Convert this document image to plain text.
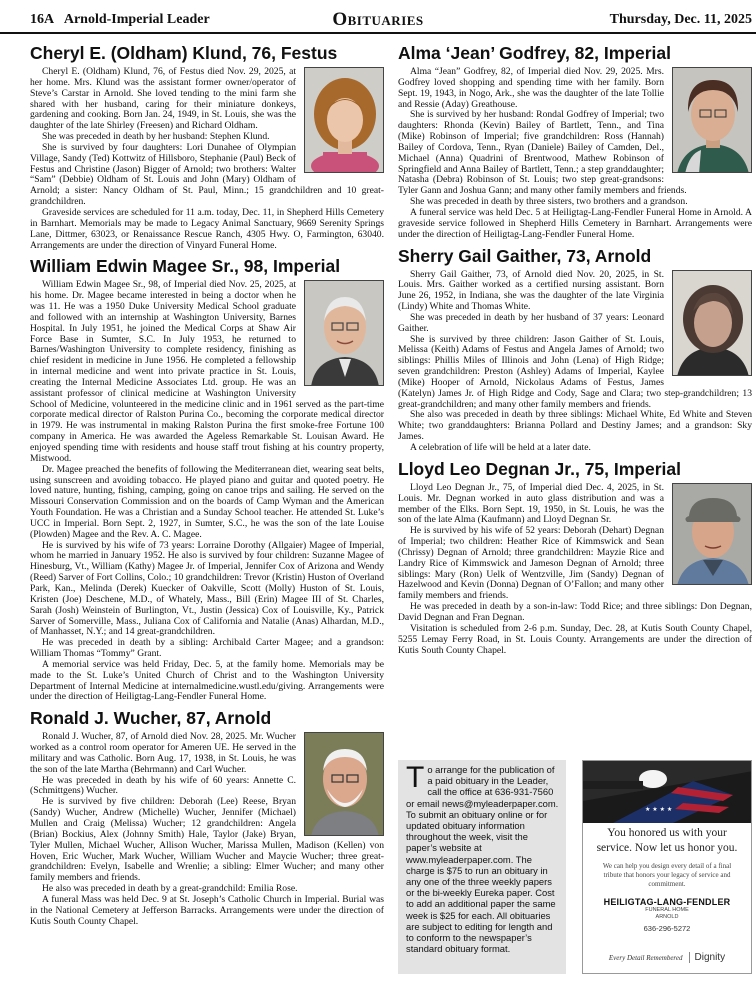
16A Arnold-Imperial Leader	Obituaries	Thursday, Dec. 11, 2025
Cheryl E. (Oldham) Klund, 76, Festus

Cheryl E. (Oldham) Klund, 76, of Festus died Nov. 29, 2025, at her home. Mrs. Klund was the assistant former owner/operator of Steve’s Carstar in Arnold. She loved tending to the mini farm she shared with her husband, caring for their miniature donkeys, gardening and cooking. Born Jan. 24, 1949, in St. Louis, she was the daughter of the late Shirley (Freesen) and Richard Oldham.

She was preceded in death by her husband: Stephen Klund.

She is survived by four daughters: Lori Dunahee of Olympian Village, Sandy (Ted) Kottwitz of Hillsboro, Stephanie (Paul) Beck of Festus and Christine (Jason) Bigger of Arnold; two brothers: Walter “Sam” (Debbie) Oldham of St. Louis and John (Mary) Oldham of Arnold; a sister: Nancy Oldham of St. Paul, Minn.; 15 grandchildren and 10 great-grandchildren.

Graveside services are scheduled for 11 a.m. today, Dec. 11, in Shepherd Hills Cemetery in Barnhart. Memorials may be made to Legacy Animal Sanctuary, 9669 Serenity Springs Lane, Dittmer, 63023, or Renaissance Rescue Ranch, 4305 Hwy. O, Farmington, 63040. Arrangements are under the direction of Vinyard Funeral Home.

William Edwin Magee Sr., 98, Imperial

William Edwin Magee Sr., 98, of Imperial died Nov. 25, 2025, at his home. Dr. Magee became interested in being a doctor when he was 11. He was a 1950 Duke University Medical School graduate and followed with an internship at Washington University, Barnes Hospital. In July 1951, he joined the Medical Corps at Shaw Air Force Base in Sumter, S.C. In July 1953, he returned to Barnes/Washington University to complete residency, finishing as chief resident in medicine in June 1956. He completed a fellowship in internal medicine and went into private practice in St. Louis, creating the Internal Medicine Associates Ltd. group. He was an assistant professor of clinical medicine at Washington University School of Medicine, volunteered in the medicine clinic and in 1961 served as the part-time corporate medical director of Ralston Purina Co., becoming the corporate medical director in 1979. He was instrumental in making Ralston Purina the first smoke-free Fortune 100 company in America. He was awarded the Ageless Remarkable St. Louisan Award. He enjoyed spending time with residents and house staff trout fishing at his country property, Mistwood.

Dr. Magee preached the benefits of following the Mediterranean diet, wearing seat belts, using sunscreen and avoiding tobacco. He played piano and guitar and quoted poetry. He loved nature, hunting, fishing, camping, going on canoe trips and sailing. He served on the Missouri Conservation Commission and on the boards of Camp Wyman and the American Youth Foundation. He was a Christian and a Sunday School teacher. He attended St. Luke’s UCC in Imperial. Born Sept. 2, 1927, in Sumter, S.C., he was the son of the late Louise (Plowden) Magee and the Rev. A. C. Magee.

He is survived by his wife of 73 years: Lorraine Dorothy (Allgaier) Magee of Imperial, whom he married in January 1952. He also is survived by four children: Suzanne Magee of Hinesburg, Vt., William (Kathy) Magee Jr. of Imperial, Jennifer Cox of Arizona and Wendy (Reed) Sarver of Fort Collins, Colo.; 10 grandchildren: Trevor (Kristin) Huston of Overland Park, Kan., Melinda (Derek) Kuecker of Oakville, Scott (Molly) Huston of St. Louis, Kristen (Joe) Deschene, M.D., of Whately, Mass., Bill (Erin) Magee III of St. Charles, Sarah (Josh) Weinstein of Burlington, Vt., Justin (Jessica) Cox of Louisville, Ky., Patrick Sarver of Somerville, Mass., Juliana Cox of California and Natalie (Anas) Alhardan, M.D., of Manhasset, N.Y.; and 14 great-grandchildren.

He was preceded in death by a sibling: Archibald Carter Magee; and a grandson: William Thomas “Tommy” Grant.

A memorial service was held Friday, Dec. 5, at the family home. Memorials may be made to the St. Luke’s United Church of Christ and to the Washington University Department of Internal Medicine at internalmedicine.wustl.edu/giving. Arrangements were under the direction of Heiligtag-Lang-Fendler Funeral Home.

Ronald J. Wucher, 87, Arnold

Ronald J. Wucher, 87, of Arnold died Nov. 28, 2025. Mr. Wucher worked as a control room operator for Ameren UE. He served in the military and was Catholic. Born Aug. 17, 1938, in St. Louis, he was the son of the late Martha (Behrmann) and Carl Wucher.

He was preceded in death by his wife of 60 years: Annette C. (Schmittgens) Wucher.

He is survived by five children: Deborah (Lee) Reese, Bryan (Sandy) Wucher, Andrew (Michelle) Wucher, Jennifer (Michael) Mullen and Craig (Melissa) Wucher; 12 grandchildren: Angela (Brian) Bockius, Alex (Johnny Smith) Hale, Taylor (Jake) Bryan, Tyler Mullen, Michael Wucher, Allison Wucher, Marissa Mullen, Madison (Kellen) von Hoven, Eric Wucher, Mark Wucher, William Wucher and Maycie Wucher; three great-grandchildren: Evelyn, Isabelle and Wrenlie; a sibling: Elmer Wucher; and many other family members and friends.

He also was preceded in death by a great-grandchild: Emilia Rose.

A funeral Mass was held Dec. 9 at St. Joseph’s Catholic Church in Imperial. Burial was in the National Cemetery at Jefferson Barracks. Arrangements were under the direction of Kutis South County Chapel.

Alma ‘Jean’ Godfrey, 82, Imperial

Alma “Jean” Godfrey, 82, of Imperial died Nov. 29, 2025. Mrs. Godfrey loved shopping and spending time with her family. Born Sept. 19, 1943, in Nogo, Ark., she was the daughter of the late Tollie and Ressie (Aday) Greathouse.

She is survived by her husband: Rondal Godfrey of Imperial; two daughters: Rhonda (Kevin) Bailey of Bartlett, Tenn., and Tina (Mike) Robinson of Imperial; five grandchildren: Ross (Hannah) Bailey of Cordova, Tenn., Ryan (Daniele) Bailey of Camden, Del., Michael (Anna) Quadrini of Brentwood, Mathew Robinson of Springfield and Anna Bailey of Bartlett, Tenn.; a step granddaughter; Natasha (Debra) Robinson of St. Louis; two step great-grandsons: Tyler Gann and Joshua Gann; and many other family members and friends.

She was preceded in death by three sisters, two brothers and a grandson.

A funeral service was held Dec. 5 at Heiligtag-Lang-Fendler Funeral Home in Arnold. A graveside service followed in Shepherd Hills Cemetery in Barnhart. Arrangements were under the direction of Heiligtag-Lang-Fendler Funeral Home.

Sherry Gail Gaither, 73, Arnold

Sherry Gail Gaither, 73, of Arnold died Nov. 20, 2025, in St. Louis. Mrs. Gaither worked as a certified nursing assistant. Born June 26, 1952, in Indiana, she was the daughter of the late Virginia (Lindy) White and Thomas White.

She was preceded in death by her husband of 37 years: Leonard Gaither.

She is survived by three children: Jason Gaither of St. Louis, Melissa (Keith) Adams of Festus and Angela James of Arnold; two siblings: Phillis Miles of Illinois and John (Lena) of High Ridge; seven grandchildren: Preston (Ashley) Adams of Imperial, Kaylee (Mike) Hooper of Arnold, Nickolaus Adams of Festus, James (Katelyn) James Jr. of High Ridge and Cody, Sage and Clara; two step-grandchildren; 13 great-grandchildren; and many other family members and friends.

She also was preceded in death by three siblings: Michael White, Ed White and Steven White; two granddaughters: Brianna Pollard and Destiny James; and a grandson: Sky James.

A celebration of life will be held at a later date.

Lloyd Leo Degnan Jr., 75, Imperial

Lloyd Leo Degnan Jr., 75, of Imperial died Dec. 4, 2025, in St. Louis. Mr. Degnan worked in auto glass distribution and was a member of the Elks. Born Sept. 19, 1950, in St. Louis, he was the son of the late Alma (Kaufmann) and Lloyd Degnan Sr.

He is survived by his wife of 52 years: Deborah (Dehart) Degnan of Imperial; two children: Heather Rice of Kimmswick and Sean (Chrissy) Degnan of Arnold; three grandchildren: Mayzie Rice and Landry Rice of Kimmswick and Jameson Degnan of Arnold; three siblings: Mary (Ron) Uelk of Wentzville, Jim (Sandy) Degnan of Hazelwood and Kevin (Donna) Degnan of O’Fallon; and many other family members and friends.

He was preceded in death by a son-in-law: Todd Rice; and three siblings: Don Degnan, David Degnan and Fran Degnan.

Visitation is scheduled from 2-6 p.m. Sunday, Dec. 28, at Kutis South County Chapel, 5255 Lemay Ferry Road, in St. Louis County. Arrangements are under the direction of Kutis South County Chapel.

To arrange for the publication of a paid obituary in the Leader, call the office at 636-931-7560 or email news@myleaderpaper.com. To submit an obituary online or for updated obituary information throughout the week, visit the paper’s website at www.myleaderpaper.com. The charge is $75 to run an obituary in any one of the three weekly papers or the bi-weekly Eureka paper. Cost to add an additional paper the same week is $25 for each. All obituaries are subject to editing for length and to conform to the newspaper’s standard obituary format.
★ ★ ★ ★
You honored us with your
service. Now let us honor you.
We can help you design every detail of a final tribute that honors your legacy of service and commitment.
HEILIGTAG-LANG-FENDLER
FUNERAL HOME
ARNOLD
636-296-5272
Every Detail Remembered Dignity
